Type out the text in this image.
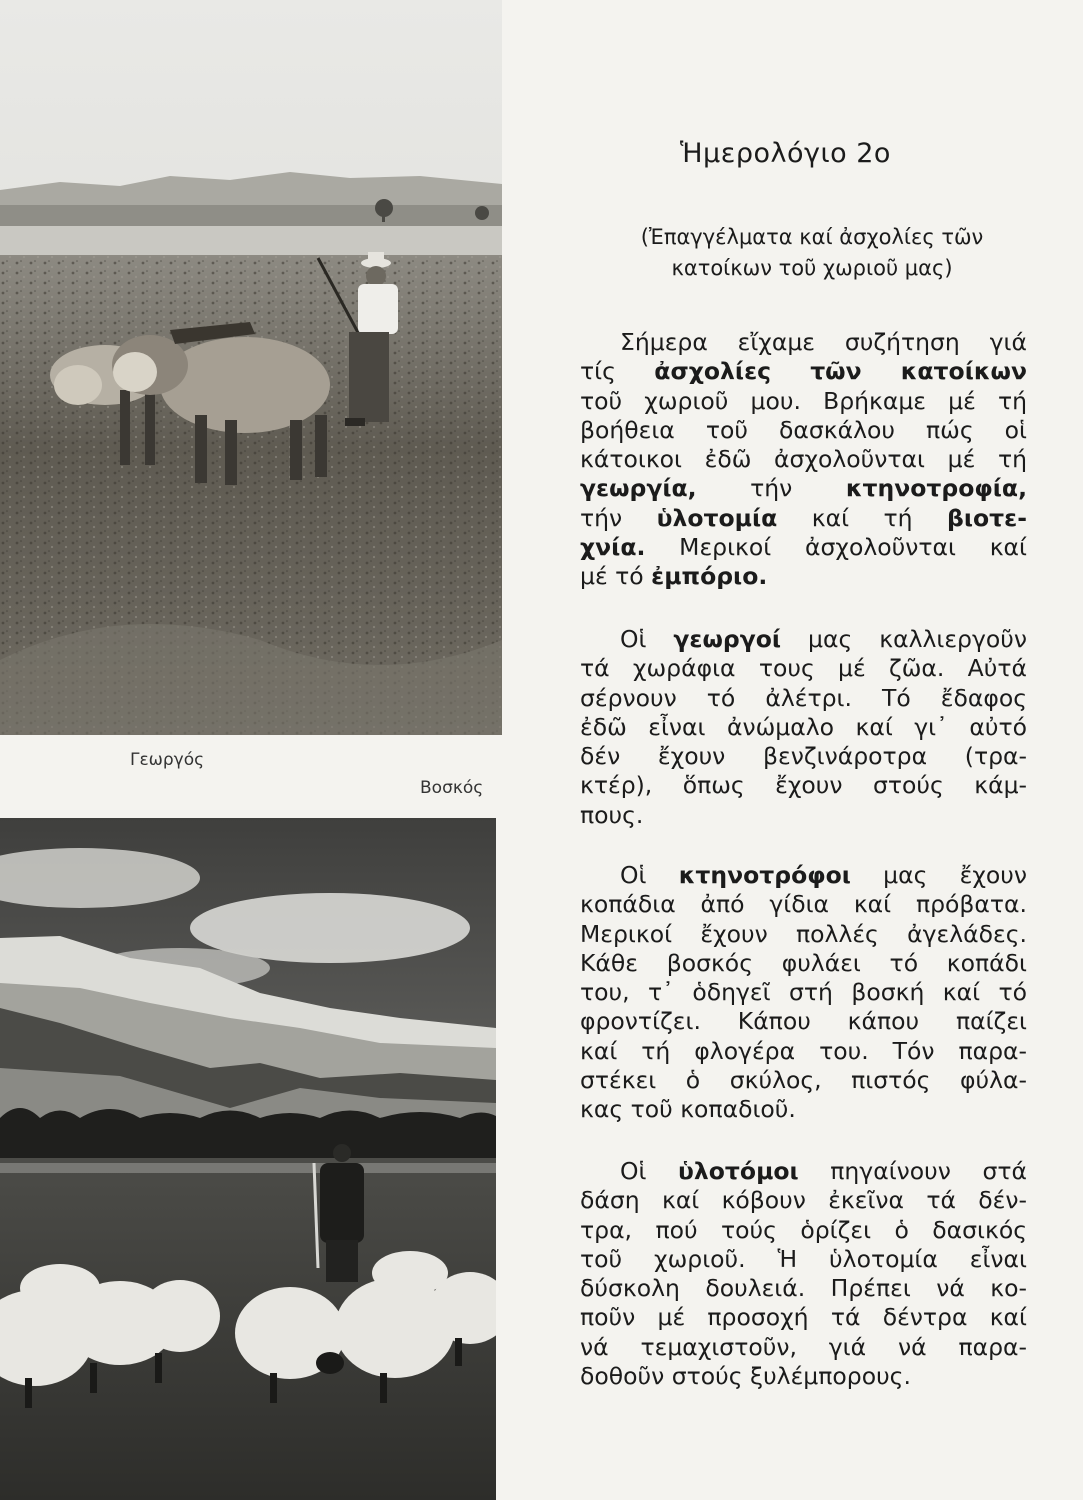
Γεωργός
Βοσκός
Ἡμερολόγιο 2ο
(Ἐπαγγέλματα καί ἀσχολίες τῶν
κατοίκων τοῦ χωριοῦ μας)
Σήμερα εἴχαμε συζήτηση γιά
τίς ἀσχολίες τῶν κατοίκων
τοῦ χωριοῦ μου. Βρήκαμε μέ τή
βοήθεια τοῦ δασκάλου πώς οἱ
κάτοικοι ἐδῶ ἀσχολοῦνται μέ τή
γεωργία, τήν κτηνοτροφία,
τήν ὑλοτομία καί τή βιοτε-
χνία. Μερικοί ἀσχολοῦνται καί
μέ τό ἐμπόριο.
Οἱ γεωργοί μας καλλιεργοῦν
τά χωράφια τους μέ ζῶα. Αὐτά
σέρνουν τό ἀλέτρι. Τό ἔδαφος
ἐδῶ εἶναι ἀνώμαλο καί γι᾿ αὐτό
δέν ἔχουν βενζινάροτρα (τρα-
κτέρ), ὅπως ἔχουν στούς κάμ-
πους.
Οἱ κτηνοτρόφοι μας ἔχουν
κοπάδια ἀπό γίδια καί πρόβατα.
Μερικοί ἔχουν πολλές ἀγελάδες.
Κάθε βοσκός φυλάει τό κοπάδι
του, τ᾿ ὁδηγεῖ στή βοσκή καί τό
φροντίζει. Κάπου κάπου παίζει
καί τή φλογέρα του. Τόν παρα-
στέκει ὁ σκύλος, πιστός φύλα-
κας τοῦ κοπαδιοῦ.
Οἱ ὑλοτόμοι πηγαίνουν στά
δάση καί κόβουν ἐκεῖνα τά δέν-
τρα, πού τούς ὁρίζει ὁ δασικός
τοῦ χωριοῦ. Ἡ ὑλοτομία εἶναι
δύσκολη δουλειά. Πρέπει νά κο-
ποῦν μέ προσοχή τά δέντρα καί
νά τεμαχιστοῦν, γιά νά παρα-
δοθοῦν στούς ξυλέμπορους.
